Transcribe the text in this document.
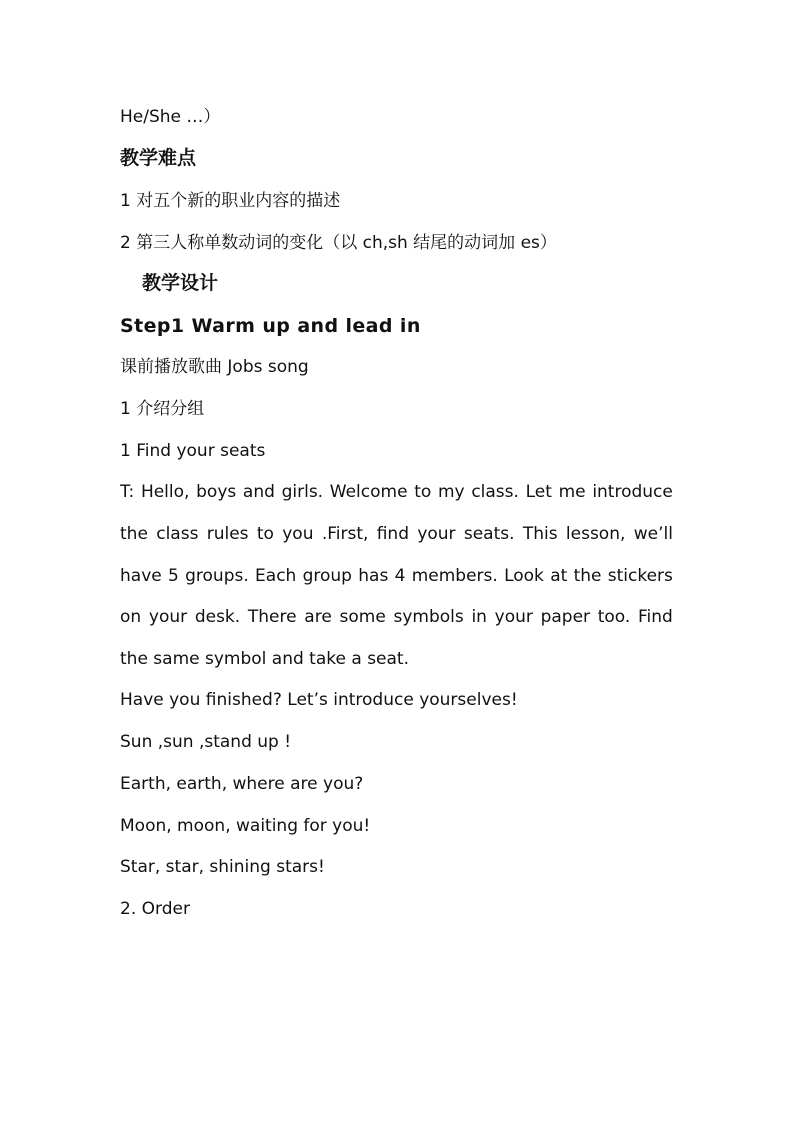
He/She …）
教学难点
1 对五个新的职业内容的描述
2 第三人称单数动词的变化（以 ch,sh 结尾的动词加 es）
教学设计
Step1 Warm up and lead in
课前播放歌曲 Jobs song
1 介绍分组
1 Find your seats
T: Hello, boys and girls. Welcome to my class. Let me introduce
the class rules to you .First, find your seats. This lesson, we’ll
have 5 groups. Each group has 4 members. Look at the stickers
on your desk. There are some symbols in your paper too. Find
the same symbol and take a seat.
Have you finished? Let’s introduce yourselves!
Sun ,sun ,stand up !
Earth, earth, where are you?
Moon, moon, waiting for you!
Star, star, shining stars!
2. Order
